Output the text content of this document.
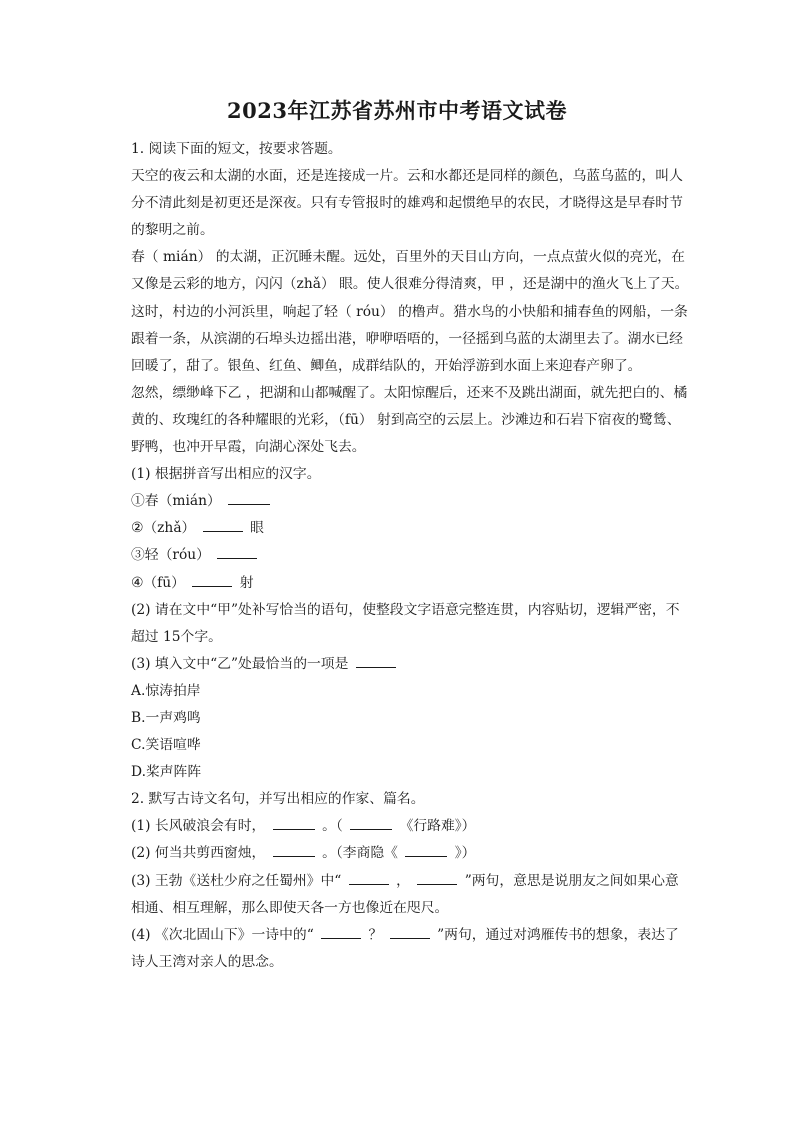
2023年江苏省苏州市中考语文试卷
1. 阅读下面的短文，按要求答题。
天空的夜云和太湖的水面，还是连接成一片。云和水都还是同样的颜色，乌蓝乌蓝的，叫人
分不清此刻是初更还是深夜。只有专管报时的雄鸡和起惯绝早的农民，才晓得这是早春时节
的黎明之前。
春（ mián） 的太湖，正沉睡未醒。远处，百里外的天目山方向，一点点萤火似的亮光，在
又像是云彩的地方，闪闪（zhǎ） 眼。使人很难分得清爽，甲 ，还是湖中的渔火飞上了天。
这时，村边的小河浜里，响起了轻（ róu） 的橹声。猎水鸟的小快船和捕春鱼的网船，一条
跟着一条，从滨湖的石埠头边摇出港，咿咿唔唔的，一径摇到乌蓝的太湖里去了。湖水已经
回暖了，甜了。银鱼、红鱼、鲫鱼，成群结队的，开始浮游到水面上来迎春产卵了。
忽然，缥缈峰下乙 ，把湖和山都喊醒了。太阳惊醒后，还来不及跳出湖面，就先把白的、橘
黄的、玫瑰红的各种耀眼的光彩，（fū） 射到高空的云层上。沙滩边和石岩下宿夜的鹭鸶、
野鸭，也冲开早霞，向湖心深处飞去。
(1) 根据拼音写出相应的汉字。
①春（mián）
②（zhǎ）	眼
③轻（róu）
④（fū）	射
(2) 请在文中“甲”处补写恰当的语句，使整段文字语意完整连贯，内容贴切，逻辑严密，不
超过 15个字。
(3) 填入文中“乙”处最恰当的一项是
A.惊涛拍岸
B.一声鸡鸣
C.笑语喧哗
D.桨声阵阵
2. 默写古诗文名句，并写出相应的作家、篇名。
(1) 长风破浪会有时，	。（	《行路难》）
(2) 何当共剪西窗烛，	。（李商隐《	》）
(3) 王勃《送杜少府之任蜀州》中“	，	”两句，意思是说朋友之间如果心意
相通、相互理解，那么即使天各一方也像近在咫尺。
(4) 《次北固山下》一诗中的“	？	”两句，通过对鸿雁传书的想象，表达了
诗人王湾对亲人的思念。
